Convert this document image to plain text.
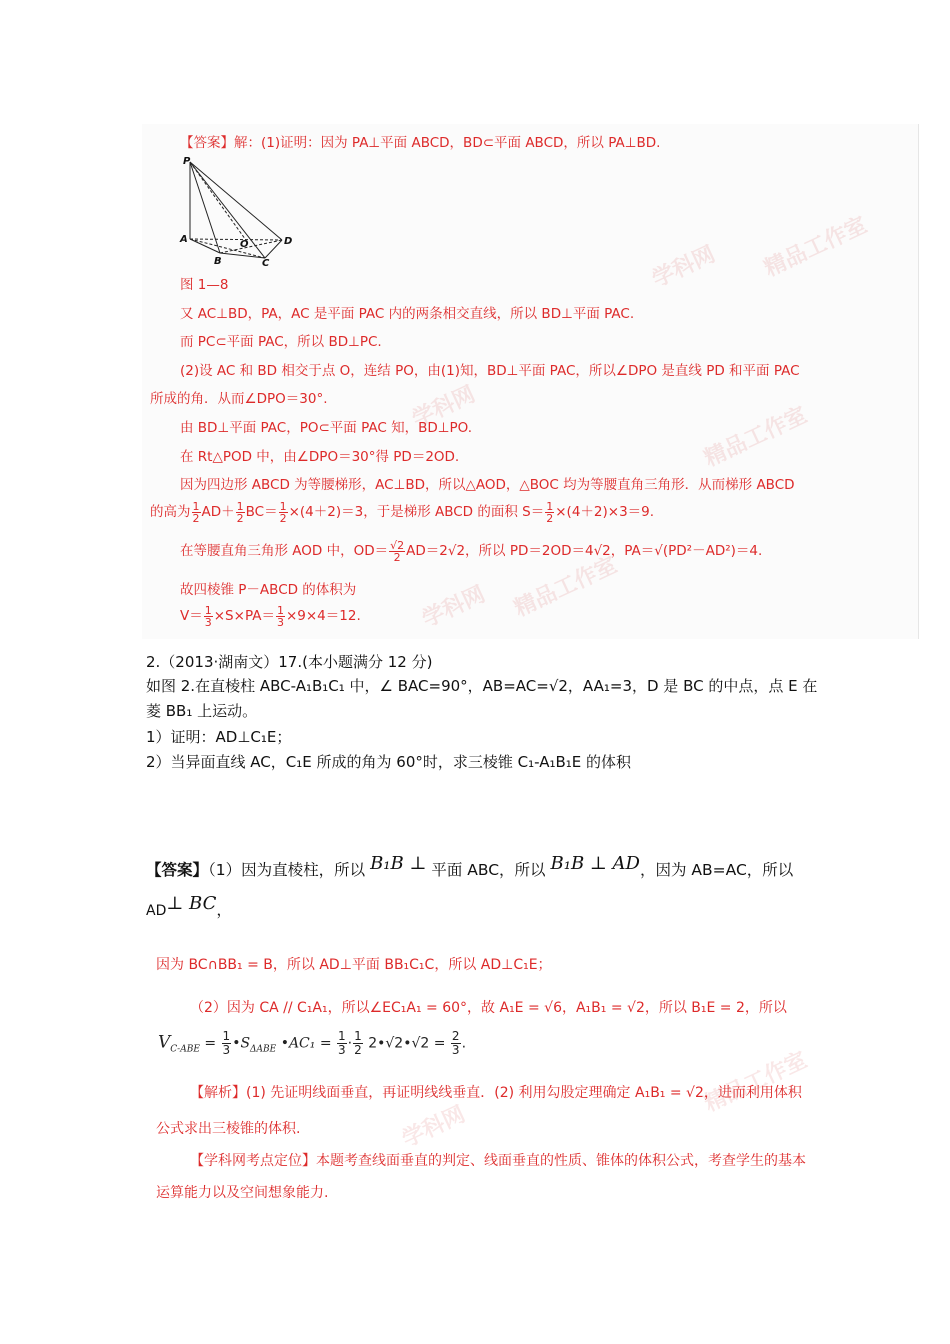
【答案】解：(1)证明：因为 PA⊥平面 ABCD，BD⊂平面 ABCD，所以 PA⊥BD.
P
A
B	C
D
O
图 1—8
又 AC⊥BD，PA，AC 是平面 PAC 内的两条相交直线，所以 BD⊥平面 PAC.
而 PC⊂平面 PAC，所以 BD⊥PC.
(2)设 AC 和 BD 相交于点 O，连结 PO，由(1)知，BD⊥平面 PAC，所以∠DPO 是直线 PD 和平面 PAC
所成的角．从而∠DPO＝30°.
由 BD⊥平面 PAC，PO⊂平面 PAC 知，BD⊥PO.
在 Rt△POD 中，由∠DPO＝30°得 PD＝2OD.
因为四边形 ABCD 为等腰梯形，AC⊥BD，所以△AOD，△BOC 均为等腰直角三角形．从而梯形 ABCD
的高为 $\frac{1}{2} AD+ \frac{1}{2} BC= \frac{1}{2} \times(4+2)=3$，于是梯形 ABCD 的面积 $S= \frac{1}{2} \times(4+2)\times 3=9$.
在等腰直角三角形 AOD 中，$OD= \frac{√2}{2} AD=2√2$，所以 PD＝2OD＝4√2，PA＝√(PD²－AD²)＝4.
故四棱锥 P－ABCD 的体积为
$V= \frac{1}{3} \times S\times PA= \frac{1}{3} \times 9\times 4=12$.
学科网
精品工作室
2.（2013·湖南文）17.(本小题满分 12 分)
如图 2.在直棱柱 ABC-A₁B₁C₁ 中，∠ BAC=90°，AB=AC=√2，AA₁=3，D 是 BC 的中点，点 E 在
菱 BB₁ 上运动。
1）证明：AD⊥C₁E；
2）当异面直线 AC，C₁E 所成的角为 60°时，求三棱锥 C₁-A₁B₁E 的体积
【答案】（1）因为直棱柱，所以 B₁B ⊥ 平面 ABC，所以 B₁B ⊥ AD，因为 AB=AC，所以
AD⊥ BC，
因为 BC∩BB₁ = B，所以 AD⊥平面 BB₁C₁C，所以 AD⊥C₁E；
（2）因为 CA // C₁A₁，所以∠EC₁A₁ = 60°，故 A₁E = √6，A₁B₁ = √2，所以 B₁E = 2，所以
$V_{C-ABE} = \frac{1}{3}$ $•S_{\Delta ABE}$ •AC₁ = $\frac{1}{3} \cdot \frac{1}{2}$ 2•√2•√2 = $\frac{2}{3}$ .
【解析】(1) 先证明线面垂直，再证明线线垂直．(2) 利用勾股定理确定 A₁B₁ = √2，进而利用体积
公式求出三棱锥的体积.
【学科网考点定位】本题考查线面垂直的判定、线面垂直的性质、锥体的体积公式，考查学生的基本
运算能力以及空间想象能力.
